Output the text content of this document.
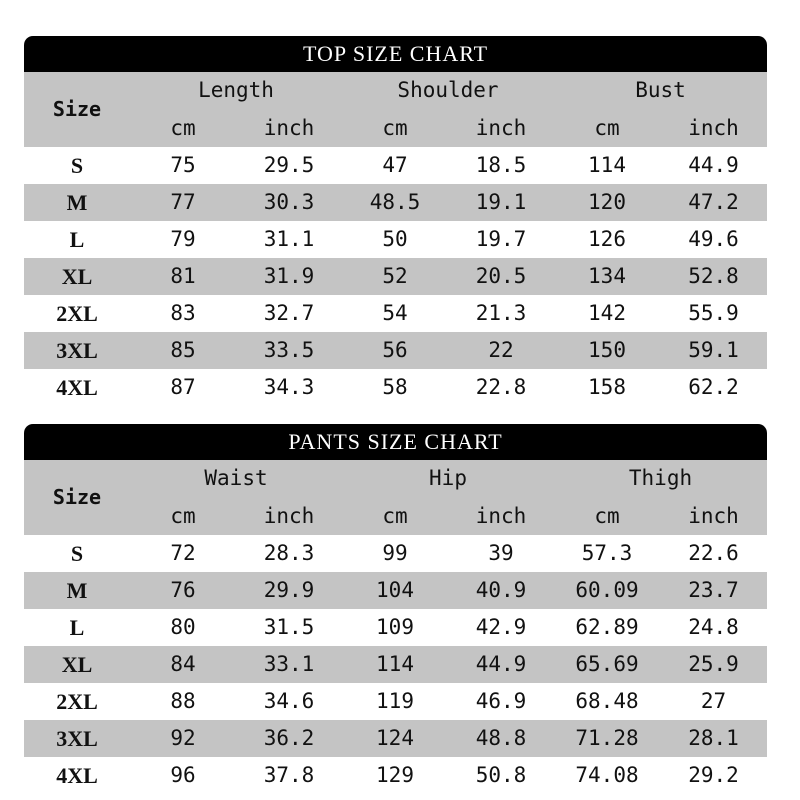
TOP SIZE CHART
Size
Length	Shoulder	Bust
cm	inch	cm	inch	cm	inch
S	75	29.5	47	18.5	114	44.9
M	77	30.3	48.5	19.1	120	47.2
L	79	31.1	50	19.7	126	49.6
XL	81	31.9	52	20.5	134	52.8
2XL	83	32.7	54	21.3	142	55.9
3XL	85	33.5	56	22	150	59.1
4XL	87	34.3	58	22.8	158	62.2
PANTS SIZE CHART
Size
Waist	Hip	Thigh
cm	inch	cm	inch	cm	inch
S	72	28.3	99	39	57.3	22.6
M	76	29.9	104	40.9	60.09	23.7
L	80	31.5	109	42.9	62.89	24.8
XL	84	33.1	114	44.9	65.69	25.9
2XL	88	34.6	119	46.9	68.48	27
3XL	92	36.2	124	48.8	71.28	28.1
4XL	96	37.8	129	50.8	74.08	29.2
